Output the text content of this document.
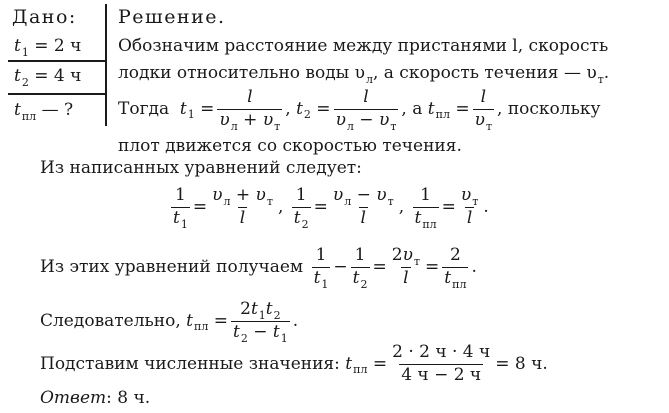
Дано:
$t_1 = 2$ ч
$t_2 = 4$ ч
$t_{пл}$ — ?
Решение.
Обозначим расстояние между пристанями l, скорость
лодки относительно воды $\upsilon_л$, а скорость течения — $\upsilon_т$.
Тогда
t $1 = \frac{l}{\upsilon_л + \upsilon_т}$ , t $2 = \frac{l}{\upsilon_л - \upsilon_т}$ , а t пл = $\frac{l}{\upsilon_т}$ , поскольку
плот движется со скоростью течения.
Из написанных уравнений следует:
$\frac{1}{t_1} = \frac{\upsilon_л + \upsilon_т}{l}$ , $\frac{1}{t_2} = \frac{\upsilon_л - \upsilon_т}{l}$ , $\frac{1}{t_{пл}} = \frac{\upsilon_т}{l}$ .
Из этих уравнений получаем
$\frac{1}{t_1} - \frac{1}{t_2} = \frac{2\upsilon_т}{l} = \frac{2}{t_{пл}}$ .
Следовательно,
t пл = $\frac{2t_1t_2}{t_2 - t_1}$ .
Подставим численные значения:
t пл = $\frac{2 \cdot 2 ч \cdot 4 ч}{4 ч - 2 ч} = 8$ ч.
Ответ: 8 ч.
